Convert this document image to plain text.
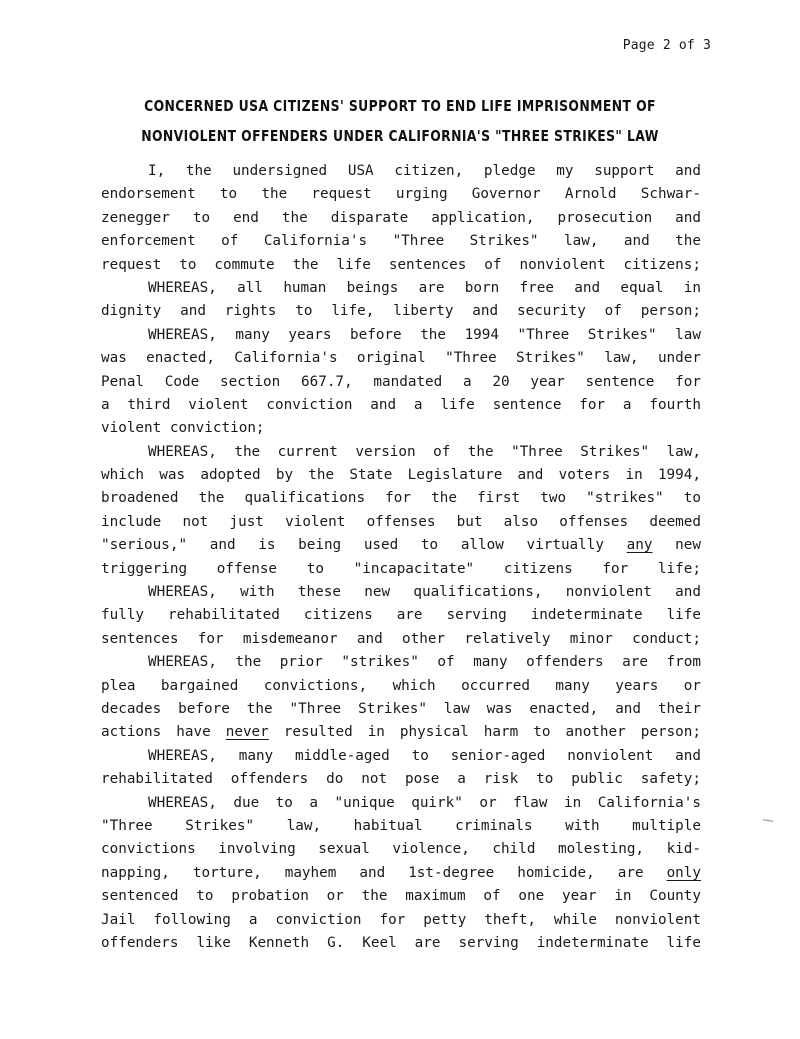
Page 2 of 3
CONCERNED USA CITIZENS' SUPPORT TO END LIFE IMPRISONMENT OF
NONVIOLENT OFFENDERS UNDER CALIFORNIA'S "THREE STRIKES" LAW
I, the undersigned USA citizen, pledge my support and
endorsement to the request urging Governor Arnold Schwar-
zenegger to end the disparate application, prosecution and
enforcement of California's "Three Strikes" law, and the
request to commute the life sentences of nonviolent citizens;
WHEREAS, all human beings are born free and equal in
dignity and rights to life, liberty and security of person;
WHEREAS, many years before the 1994 "Three Strikes" law
was enacted, California's original "Three Strikes" law, under
Penal Code section 667.7, mandated a 20 year sentence for
a third violent conviction and a life sentence for a fourth
violent conviction;
WHEREAS, the current version of the "Three Strikes" law,
which was adopted by the State Legislature and voters in 1994,
broadened the qualifications for the first two "strikes" to
include not just violent offenses but also offenses deemed
"serious," and is being used to allow virtually any new
triggering offense to "incapacitate" citizens for life;
WHEREAS, with these new qualifications, nonviolent and
fully rehabilitated citizens are serving indeterminate life
sentences for misdemeanor and other relatively minor conduct;
WHEREAS, the prior "strikes" of many offenders are from
plea bargained convictions, which occurred many years or
decades before the "Three Strikes" law was enacted, and their
actions have never resulted in physical harm to another person;
WHEREAS, many middle-aged to senior-aged nonviolent and
rehabilitated offenders do not pose a risk to public safety;
WHEREAS, due to a "unique quirk" or flaw in California's
"Three Strikes" law, habitual criminals with multiple
convictions involving sexual violence, child molesting, kid-
napping, torture, mayhem and 1st-degree homicide, are only
sentenced to probation or the maximum of one year in County
Jail following a conviction for petty theft, while nonviolent
offenders like Kenneth G. Keel are serving indeterminate life
